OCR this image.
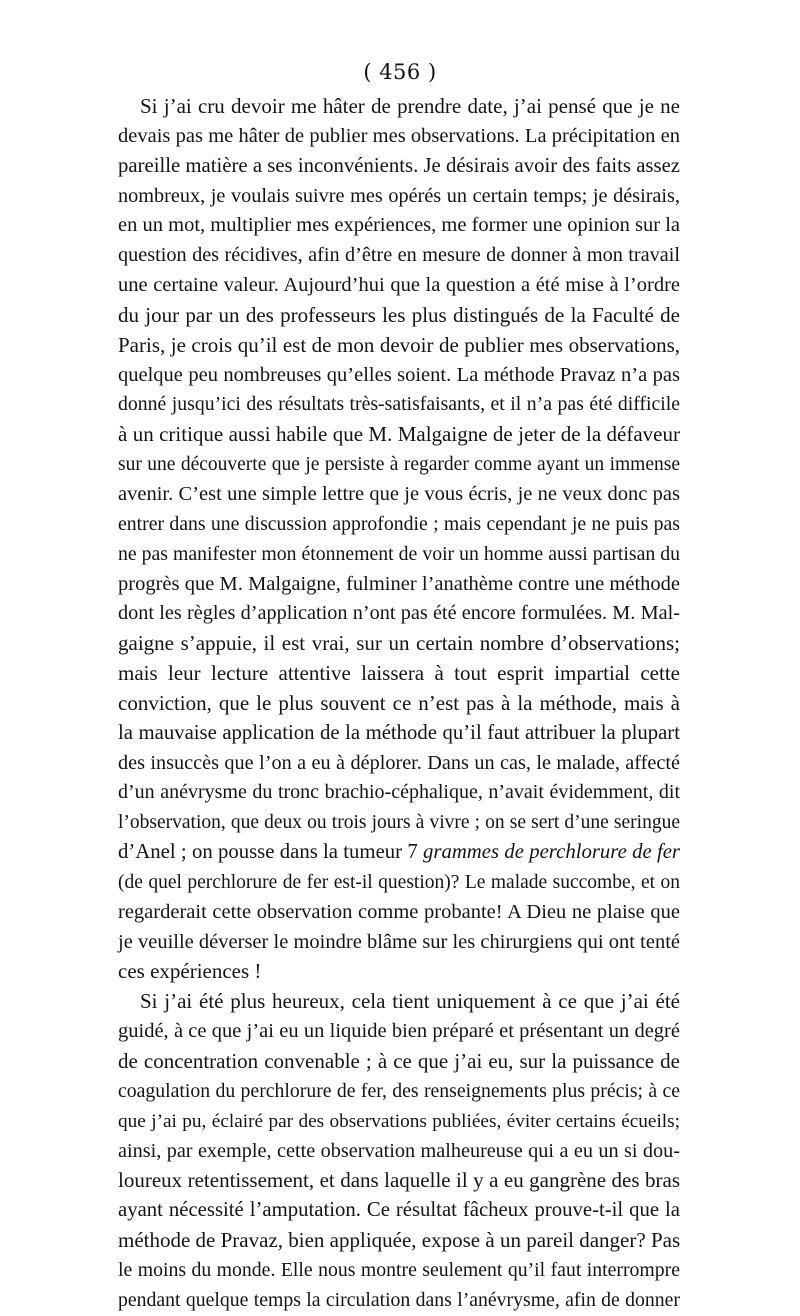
( 456 )
Si j’ai cru devoir me hâter de prendre date, j’ai pensé que je ne
devais pas me hâter de publier mes observations. La précipitation en
pareille matière a ses inconvénients. Je désirais avoir des faits assez
nombreux, je voulais suivre mes opérés un certain temps; je désirais,
en un mot, multiplier mes expériences, me former une opinion sur la
question des récidives, afin d’être en mesure de donner à mon travail
une certaine valeur. Aujourd’hui que la question a été mise à l’ordre
du jour par un des professeurs les plus distingués de la Faculté de
Paris, je crois qu’il est de mon devoir de publier mes observations,
quelque peu nombreuses qu’elles soient. La méthode Pravaz n’a pas
donné jusqu’ici des résultats très-satisfaisants, et il n’a pas été difficile
à un critique aussi habile que M. Malgaigne de jeter de la défaveur
sur une découverte que je persiste à regarder comme ayant un immense
avenir. C’est une simple lettre que je vous écris, je ne veux donc pas
entrer dans une discussion approfondie ; mais cependant je ne puis pas
ne pas manifester mon étonnement de voir un homme aussi partisan du
progrès que M. Malgaigne, fulminer l’anathème contre une méthode
dont les règles d’application n’ont pas été encore formulées. M. Mal-
gaigne s’appuie, il est vrai, sur un certain nombre d’observations;
mais leur lecture attentive laissera à tout esprit impartial cette
conviction, que le plus souvent ce n’est pas à la méthode, mais à
la mauvaise application de la méthode qu’il faut attribuer la plupart
des insuccès que l’on a eu à déplorer. Dans un cas, le malade, affecté
d’un anévrysme du tronc brachio-céphalique, n’avait évidemment, dit
l’observation, que deux ou trois jours à vivre ; on se sert d’une seringue
d’Anel ; on pousse dans la tumeur 7 grammes de perchlorure de fer
(de quel perchlorure de fer est-il question)? Le malade succombe, et on
regarderait cette observation comme probante! A Dieu ne plaise que
je veuille déverser le moindre blâme sur les chirurgiens qui ont tenté
ces expériences !
Si j’ai été plus heureux, cela tient uniquement à ce que j’ai été
guidé, à ce que j’ai eu un liquide bien préparé et présentant un degré
de concentration convenable ; à ce que j’ai eu, sur la puissance de
coagulation du perchlorure de fer, des renseignements plus précis; à ce
que j’ai pu, éclairé par des observations publiées, éviter certains écueils;
ainsi, par exemple, cette observation malheureuse qui a eu un si dou-
loureux retentissement, et dans laquelle il y a eu gangrène des bras
ayant nécessité l’amputation. Ce résultat fâcheux prouve-t-il que la
méthode de Pravaz, bien appliquée, expose à un pareil danger? Pas
le moins du monde. Elle nous montre seulement qu’il faut interrompre
pendant quelque temps la circulation dans l’anévrysme, afin de donner
